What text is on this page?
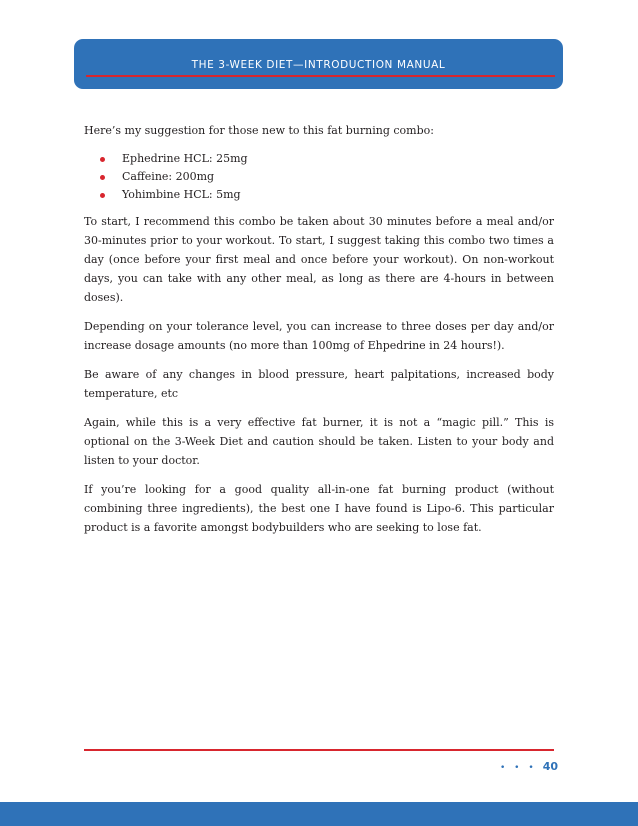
THE 3-WEEK DIET—INTRODUCTION MANUAL

Here’s my suggestion for those new to this fat burning combo:

Ephedrine HCL: 25mg
Caffeine: 200mg
Yohimbine HCL: 5mg

To start, I recommend this combo be taken about 30 minutes before a meal and/or 30-minutes prior to your workout. To start, I suggest taking this combo two times a day (once before your first meal and once before your workout). On non-workout days, you can take with any other meal, as long as there are 4-hours in between doses).

Depending on your tolerance level, you can increase to three doses per day and/or increase dosage amounts (no more than 100mg of Ehpedrine in 24 hours!).

Be aware of any changes in blood pressure, heart palpitations, increased body temperature, etc

Again, while this is a very effective fat burner, it is not a “magic pill.” This is optional on the 3-Week Diet and caution should be taken. Listen to your body and listen to your doctor.

If you’re looking for a good quality all-in-one fat burning product (without combining three ingredients), the best one I have found is Lipo-6. This particular product is a favorite amongst bodybuilders who are seeking to lose fat.

• • • 40
